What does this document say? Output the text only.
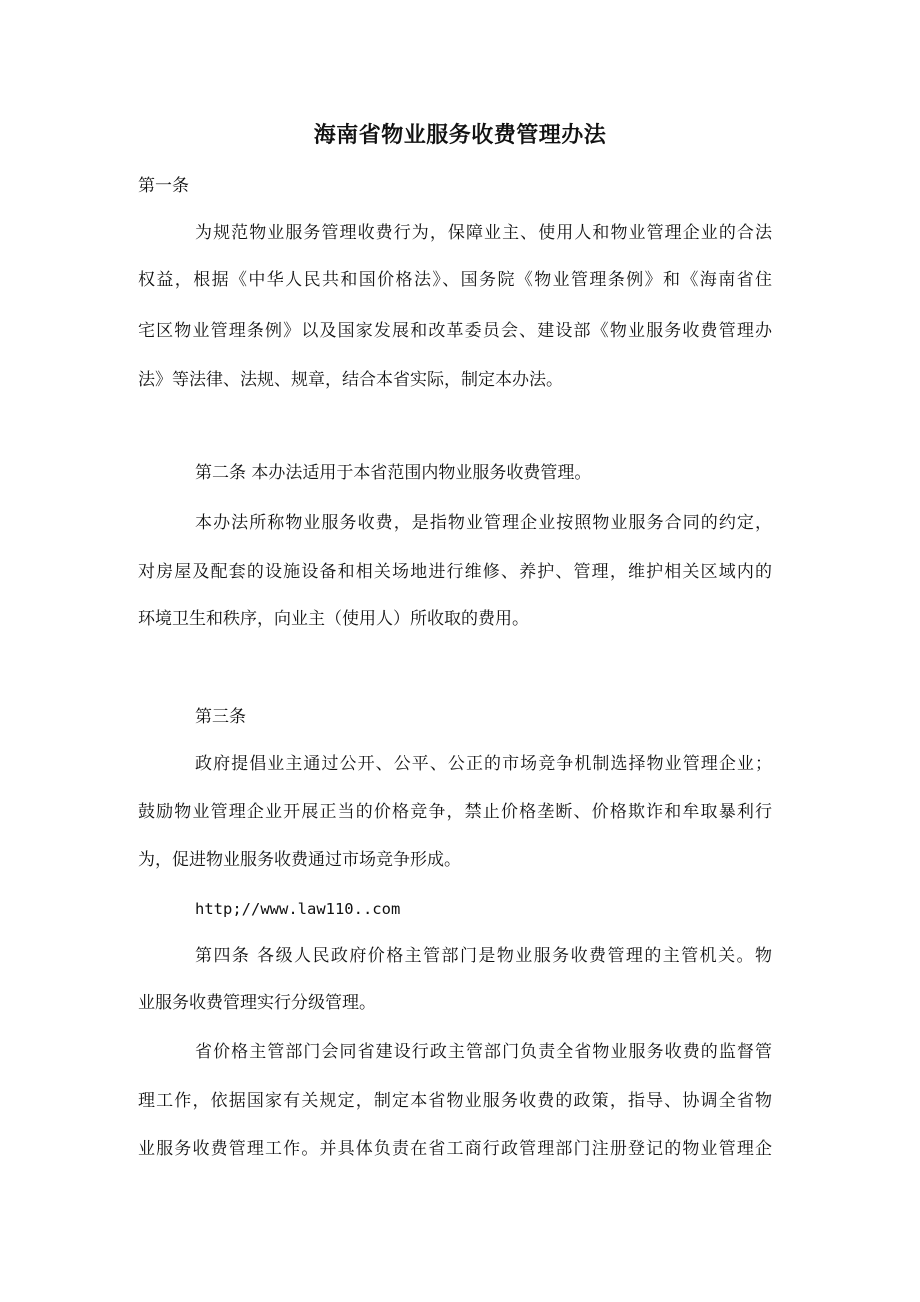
海南省物业服务收费管理办法
第一条
为规范物业服务管理收费行为，保障业主、使用人和物业管理企业的合法
权益，根据《中华人民共和国价格法》、国务院《物业管理条例》和《海南省住
宅区物业管理条例》以及国家发展和改革委员会、建设部《物业服务收费管理办
法》等法律、法规、规章，结合本省实际，制定本办法。
第二条 本办法适用于本省范围内物业服务收费管理。
本办法所称物业服务收费，是指物业管理企业按照物业服务合同的约定，
对房屋及配套的设施设备和相关场地进行维修、养护、管理，维护相关区域内的
环境卫生和秩序，向业主（使用人）所收取的费用。
第三条
政府提倡业主通过公开、公平、公正的市场竞争机制选择物业管理企业；
鼓励物业管理企业开展正当的价格竞争，禁止价格垄断、价格欺诈和牟取暴利行
为，促进物业服务收费通过市场竞争形成。
http;//www.law110..com
第四条 各级人民政府价格主管部门是物业服务收费管理的主管机关。物
业服务收费管理实行分级管理。
省价格主管部门会同省建设行政主管部门负责全省物业服务收费的监督管
理工作，依据国家有关规定，制定本省物业服务收费的政策，指导、协调全省物
业服务收费管理工作。并具体负责在省工商行政管理部门注册登记的物业管理企
